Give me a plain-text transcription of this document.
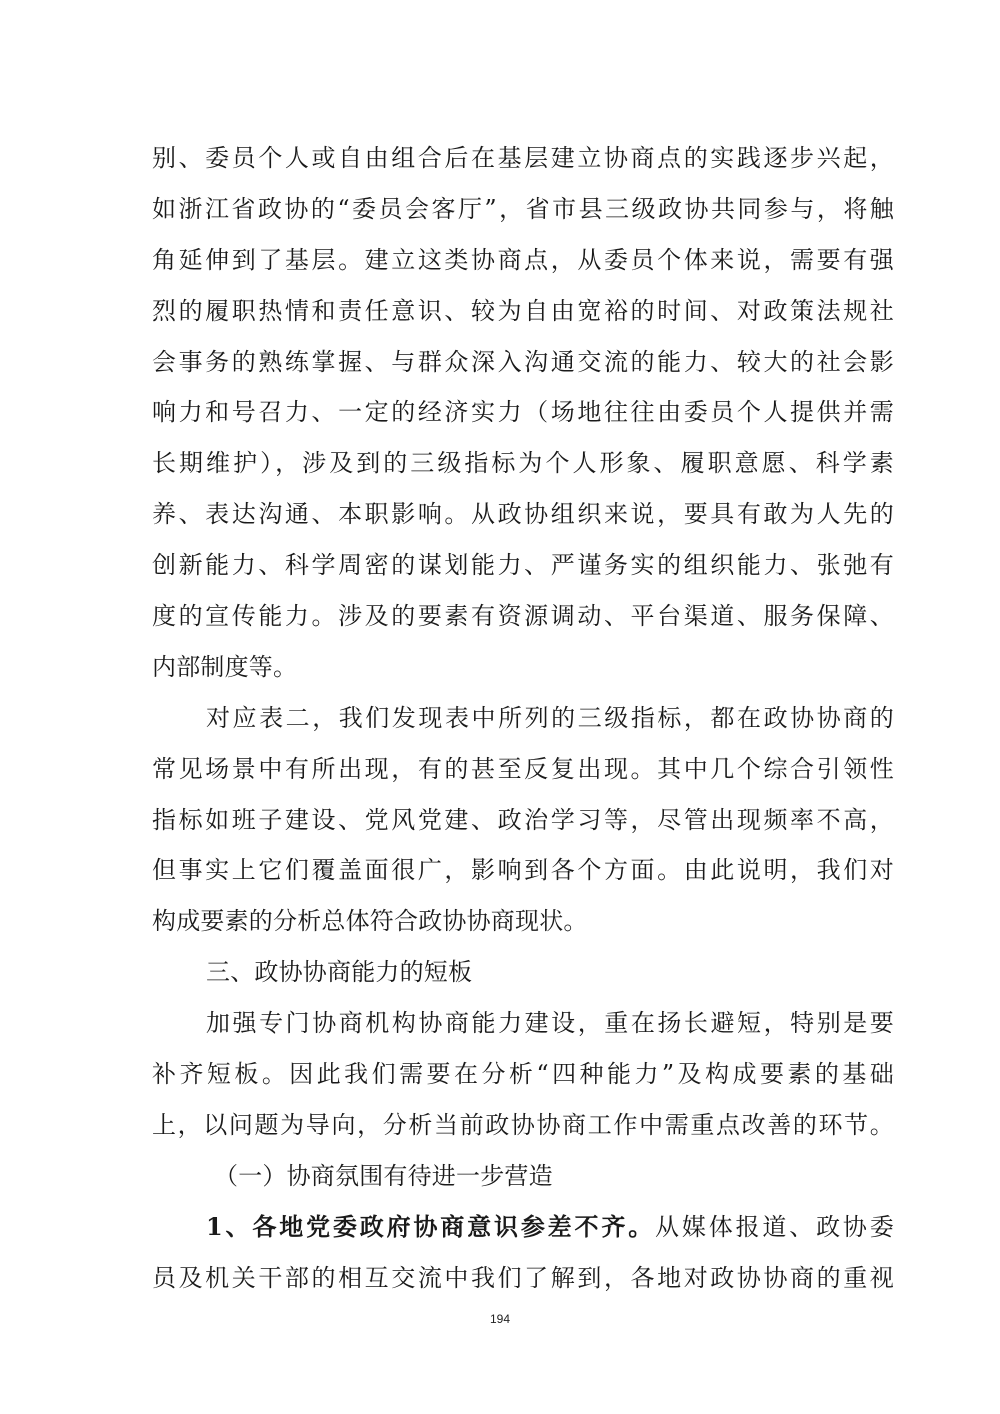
别、委员个人或自由组合后在基层建立协商点的实践逐步兴起，
如浙江省政协的“委员会客厅”，省市县三级政协共同参与，将触
角延伸到了基层。建立这类协商点，从委员个体来说，需要有强
烈的履职热情和责任意识、较为自由宽裕的时间、对政策法规社
会事务的熟练掌握、与群众深入沟通交流的能力、较大的社会影
响力和号召力、一定的经济实力（场地往往由委员个人提供并需
长期维护），涉及到的三级指标为个人形象、履职意愿、科学素
养、表达沟通、本职影响。从政协组织来说，要具有敢为人先的
创新能力、科学周密的谋划能力、严谨务实的组织能力、张弛有
度的宣传能力。涉及的要素有资源调动、平台渠道、服务保障、
内部制度等。
对应表二，我们发现表中所列的三级指标，都在政协协商的
常见场景中有所出现，有的甚至反复出现。其中几个综合引领性
指标如班子建设、党风党建、政治学习等，尽管出现频率不高，
但事实上它们覆盖面很广，影响到各个方面。由此说明，我们对
构成要素的分析总体符合政协协商现状。
三、政协协商能力的短板
加强专门协商机构协商能力建设，重在扬长避短，特别是要
补齐短板。因此我们需要在分析“四种能力”及构成要素的基础
上，以问题为导向，分析当前政协协商工作中需重点改善的环节。
（一）协商氛围有待进一步营造
1、各地党委政府协商意识参差不齐。从媒体报道、政协委
员及机关干部的相互交流中我们了解到，各地对政协协商的重视
194
